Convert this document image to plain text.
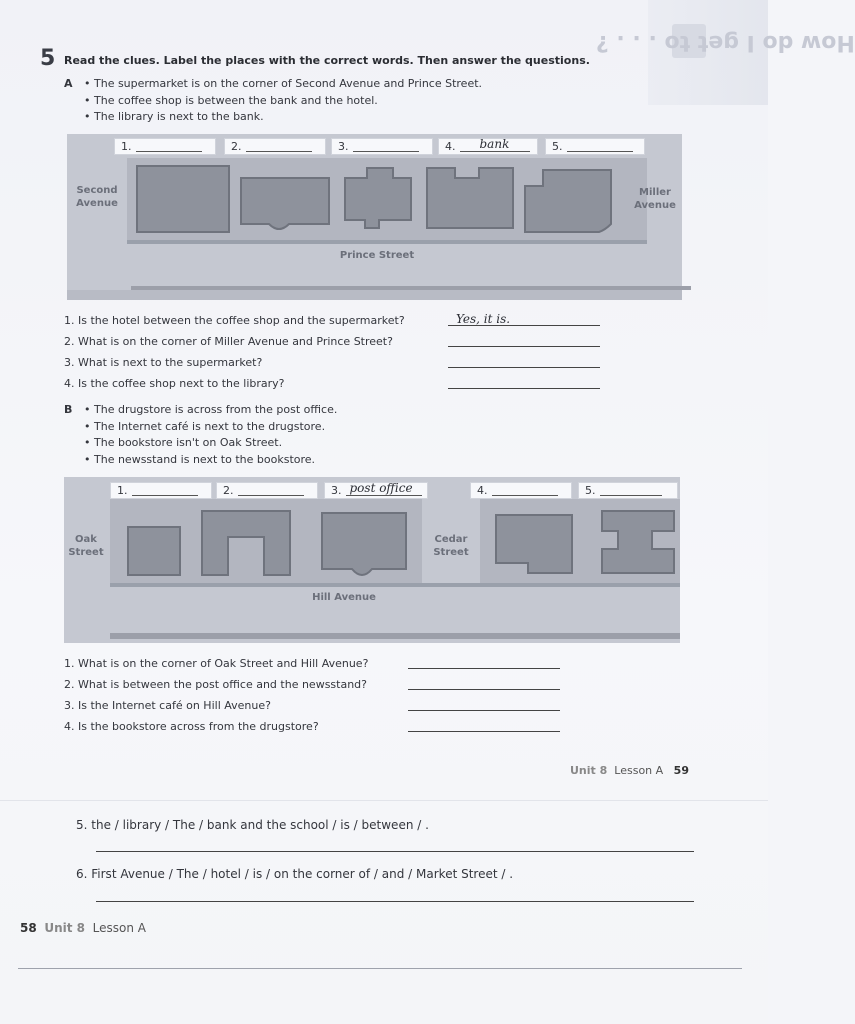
How do I get to . . . ?
5 Read the clues. Label the places with the correct words. Then answer the questions.
A • The supermarket is on the corner of Second Avenue and Prince Street.
• The coffee shop is between the bank and the hotel.
• The library is next to the bank.
Second
Avenue
Miller
Avenue
Prince Street
1.	2.	3.	4. bank	5.
1. Is the hotel between the coffee shop and the supermarket?	Yes, it is.
2. What is on the corner of Miller Avenue and Prince Street?
3. What is next to the supermarket?
4. Is the coffee shop next to the library?
B • The drugstore is across from the post office.
• The Internet café is next to the drugstore.
• The bookstore isn't on Oak Street.
• The newsstand is next to the bookstore.
Oak
Street
Cedar
Street
Hill Avenue
1.	2.	3. post office	4.	5.
1. What is on the corner of Oak Street and Hill Avenue?
2. What is between the post office and the newsstand?
3. Is the Internet café on Hill Avenue?
4. Is the bookstore across from the drugstore?
Unit 8 Lesson A 59
5. the / library / The / bank and the school / is / between / .
6. First Avenue / The / hotel / is / on the corner of / and / Market Street / .
58 Unit 8 Lesson A
